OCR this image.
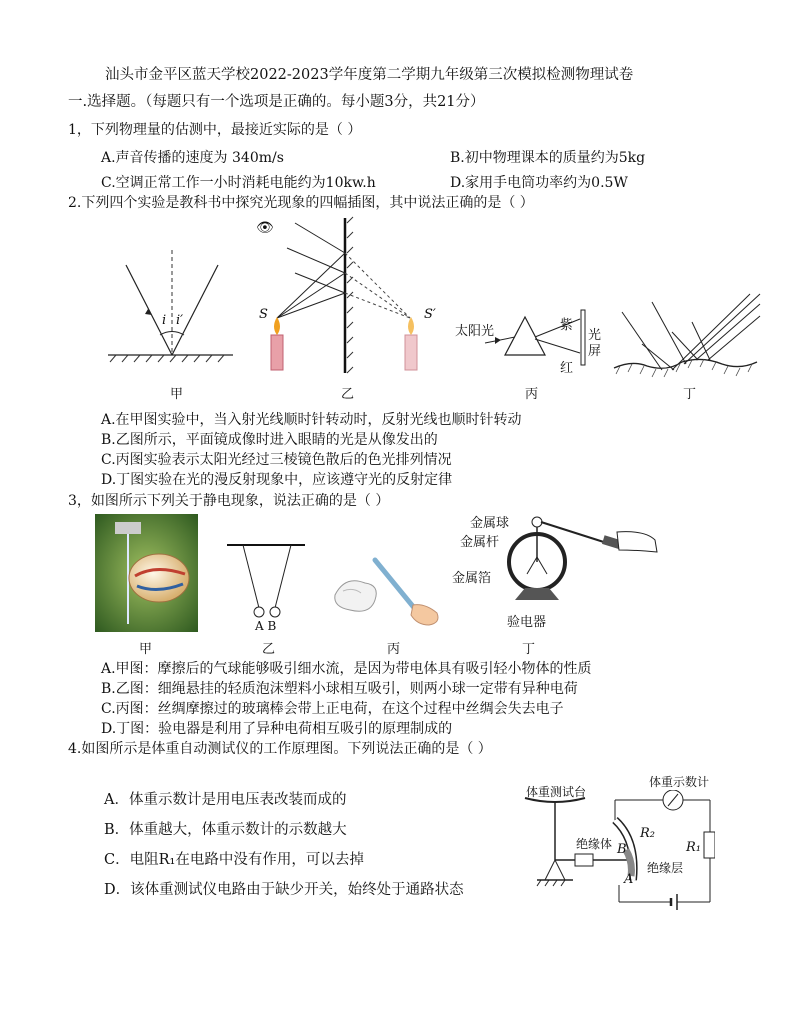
汕头市金平区蓝天学校2022-2023学年度第二学期九年级第三次模拟检测物理试卷
一.选择题。（每题只有一个选项是正确的。每小题3分，共21分）
1，下列物理量的估测中，最接近实际的是（ ）
A.声音传播的速度为 340m/s	B.初中物理课本的质量约为5kg
C.空调正常工作一小时消耗电能约为10kw.h	D.家用手电筒功率约为0.5W
2.下列四个实验是教科书中探究光现象的四幅插图，其中说法正确的是（ ）
i i′
甲
👁
S	S′
乙
太阳光	紫
红
光屏
丙	丁
A.在甲图实验中，当入射光线顺时针转动时，反射光线也顺时针转动
B.乙图所示，平面镜成像时进入眼睛的光是从像发出的
C.丙图实验表示太阳光经过三棱镜色散后的色光排列情况
D.丁图实验在光的漫反射现象中，应该遵守光的反射定律
3，如图所示下列关于静电现象，说法正确的是（ ）
甲
A B
乙	丙
金属球
金属杆
金属箔
验电器
丁
A.甲图：摩擦后的气球能够吸引细水流，是因为带电体具有吸引轻小物体的性质
B.乙图：细绳悬挂的轻质泡沫塑料小球相互吸引，则两小球一定带有异种电荷
C.丙图：丝绸摩擦过的玻璃棒会带上正电荷，在这个过程中丝绸会失去电子
D.丁图：验电器是利用了异种电荷相互吸引的原理制成的
4.如图所示是体重自动测试仪的工作原理图。下列说法正确的是（ ）
A．体重示数计是用电压表改装而成的
B．体重越大，体重示数计的示数越大
C．电阻R₁在电路中没有作用，可以去掉
D．该体重测试仪电路由于缺少开关，始终处于通路状态
体重测试台
体重示数计
绝缘体
R₂
R₁
B
绝缘层
A
